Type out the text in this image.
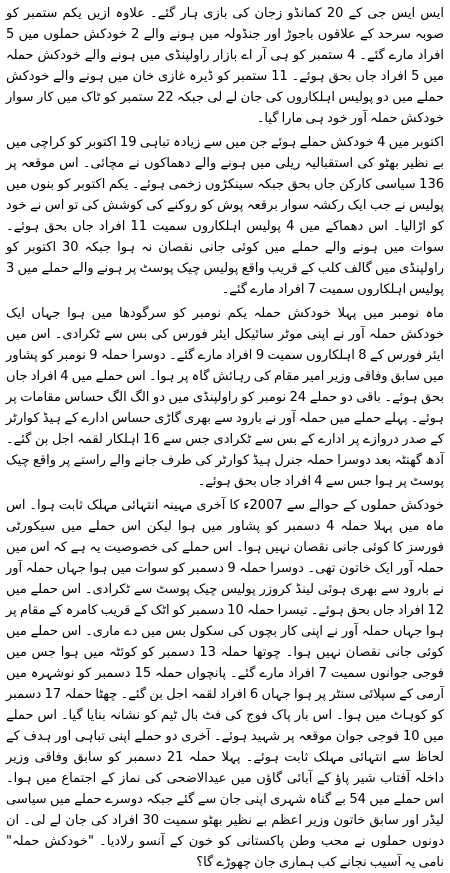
ایس ایس جی کے 20 کمانڈو زجان کی بازی ہار گئے۔ علاوہ ازیں یکم ستمبر کو صوبہ سرحد کے علاقوں باجوڑ اور جنڈولہ میں ہونے والے 2 خودکش حملوں میں 5 افراد مارے گئے۔ 4 ستمبر کو ہی آر اے بازار راولپنڈی میں ہونے والے خودکش حملہ میں 5 افراد جاں بحق ہوئے۔ 11 ستمبر کو ڈیرہ غازی خان میں ہونے والے خودکش حملے میں دو پولیس اہلکاروں کی جان لے لی جبکہ 22 ستمبر کو ٹاک میں کار سوار خودکش حملہ آور خود ہی مارا گیا۔

اکتوبر میں 4 خودکش حملے ہوئے جن میں سے زیادہ تباہی 19 اکتوبر کو کراچی میں بے نظیر بھٹو کی استقبالیہ ریلی میں ہونے والے دھماکوں نے مچائی۔ اس موقعہ پر 136 سیاسی کارکن جاں بحق جبکہ سینکڑوں زخمی ہوئے۔ یکم اکتوبر کو بنوں میں پولیس نے جب ایک رکشہ سوار برقعہ پوش کو روکنے کی کوشش کی تو اس نے خود کو اڑالیا۔ اس دھماکے میں 4 پولیس اہلکاروں سمیت 11 افراد جاں بحق ہوئے۔ سوات میں ہونے والے حملے میں کوئی جانی نقصان نہ ہوا جبکہ 30 اکتوبر کو راولپنڈی میں گالف کلب کے قریب واقع پولیس چیک پوسٹ پر ہونے والے حملے میں 3 پولیس اہلکاروں سمیت 7 افراد مارے گئے۔

ماہ نومبر میں پہلا خودکش حملہ یکم نومبر کو سرگودھا میں ہوا جہاں ایک خودکش حملہ آور نے اپنی موٹر سائیکل ایئر فورس کی بس سے ٹکرادی۔ اس میں ایئر فورس کے 8 اہلکاروں سمیت 9 افراد مارے گئے۔ دوسرا حملہ 9 نومبر کو پشاور میں سابق وفاقی وزیر امیر مقام کی رہائش گاہ پر ہوا۔ اس حملے میں 4 افراد جاں بحق ہوئے۔ باقی دو حملے 24 نومبر کو راولپنڈی میں دو الگ الگ حساس مقامات پر ہوئے۔ پہلے حملے میں حملہ آور نے بارود سے بھری گاڑی حساس ادارے کے ہیڈ کوارٹر کے صدر دروازے پر ادارے کے بس سے ٹکرادی جس سے 16 اہلکار لقمہ اجل بن گئے۔ آدھ گھنٹہ بعد دوسرا حملہ جنرل ہیڈ کوارٹر کی طرف جانے والے راستے پر واقع چیک پوسٹ پر ہوا جس سے 4 افراد جاں بحق ہوئے۔

خودکش حملوں کے حوالے سے 2007ء کا آخری مہینہ انتہائی مہلک ثابت ہوا۔ اس ماہ میں پہلا حملہ 4 دسمبر کو پشاور میں ہوا لیکن اس حملے میں سیکورٹی فورسز کا کوئی جانی نقصان نہیں ہوا۔ اس حملے کی خصوصیت یہ ہے کہ اس میں حملہ آور ایک خاتون تھی۔ دوسرا حملہ 9 دسمبر کو سوات میں ہوا جہاں حملہ آور نے بارود سے بھری ہوئی لینڈ کروزر پولیس چیک پوسٹ سے ٹکرادی۔ اس حملے میں 12 افراد جاں بحق ہوئے۔ تیسرا حملہ 10 دسمبر کو اٹک کے قریب کامرہ کے مقام پر ہوا جہاں حملہ آور نے اپنی کار بچوں کی سکول بس میں دے ماری۔ اس حملے میں کوئی جانی نقصان نہیں ہوا۔ چوتھا حملہ 13 دسمبر کو کوئٹہ میں ہوا جس میں فوجی جوانوں سمیت 7 افراد مارے گئے۔ پانچواں حملہ 15 دسمبر کو نوشہرہ میں آرمی کے سپلائی سنٹر پر ہوا جہاں 6 افراد لقمہ اجل بن گئے۔ چھٹا حملہ 17 دسمبر کو کوہاٹ میں ہوا۔ اس بار پاک فوج کی فٹ بال ٹیم کو نشانہ بنایا گیا۔ اس حملے میں 10 فوجی جوان موقعہ پر شہید ہوئے۔ آخری دو حملے اپنی تباہی اور ہدف کے لحاظ سے انتہائی مہلک ثابت ہوئے۔ پہلا حملہ 21 دسمبر کو سابق وفاقی وزیر داخلہ آفتاب شیر پاؤ کے آبائی گاؤں میں عیدالاضحی کی نماز کے اجتماع میں ہوا۔ اس حملے میں 54 بے گناہ شہری اپنی جان سے گئے جبکہ دوسرے حملے میں سیاسی لیڈر اور سابق خاتون وزیر اعظم بے نظیر بھٹو سمیت 30 افراد کی جان لے لی۔ ان دونوں حملوں نے محب وطن پاکستانی کو خون کے آنسو رلادیا۔ "خودکش حملہ" نامی یہ آسیب نجانے کب ہماری جان چھوڑے گا؟
